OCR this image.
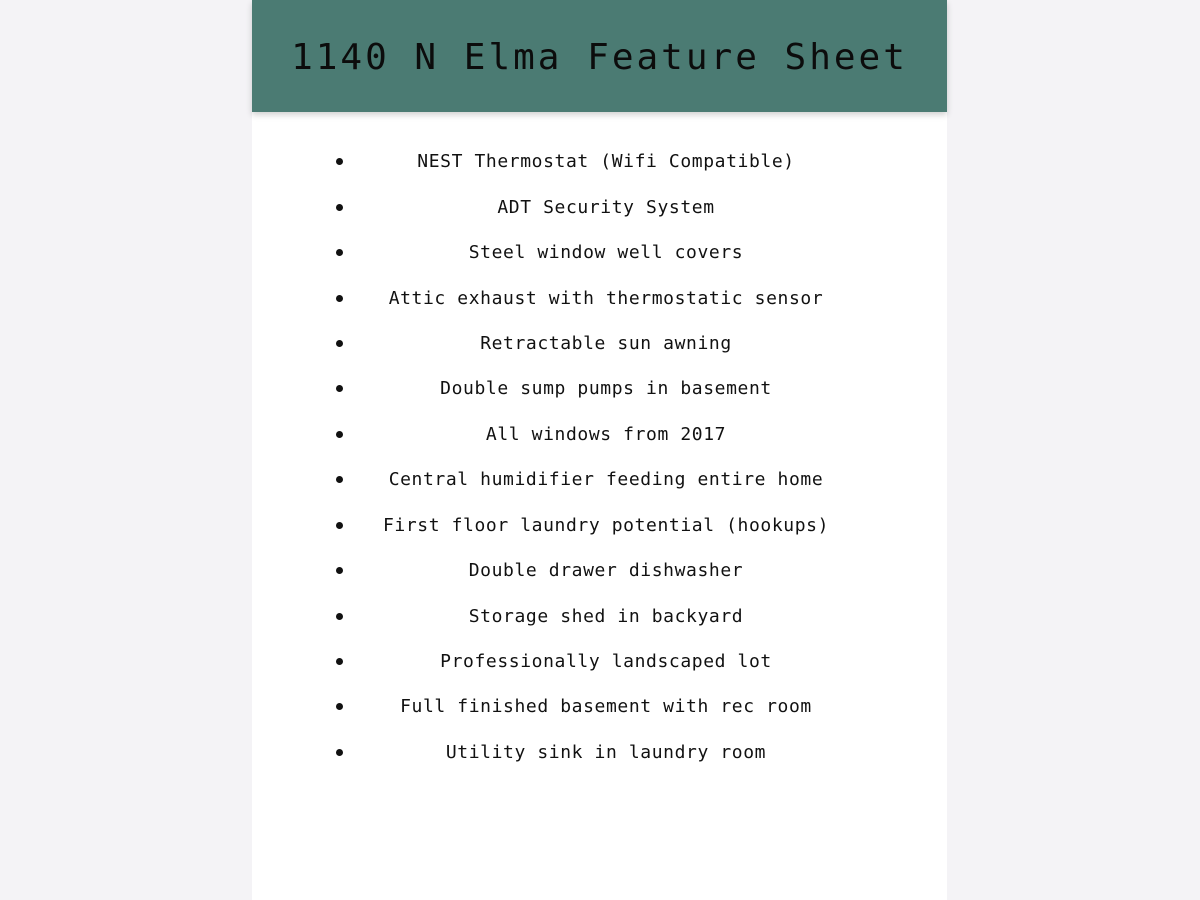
1140 N Elma Feature Sheet
NEST Thermostat (Wifi Compatible)
ADT Security System
Steel window well covers
Attic exhaust with thermostatic sensor
Retractable sun awning
Double sump pumps in basement
All windows from 2017
Central humidifier feeding entire home
First floor laundry potential (hookups)
Double drawer dishwasher
Storage shed in backyard
Professionally landscaped lot
Full finished basement with rec room
Utility sink in laundry room
